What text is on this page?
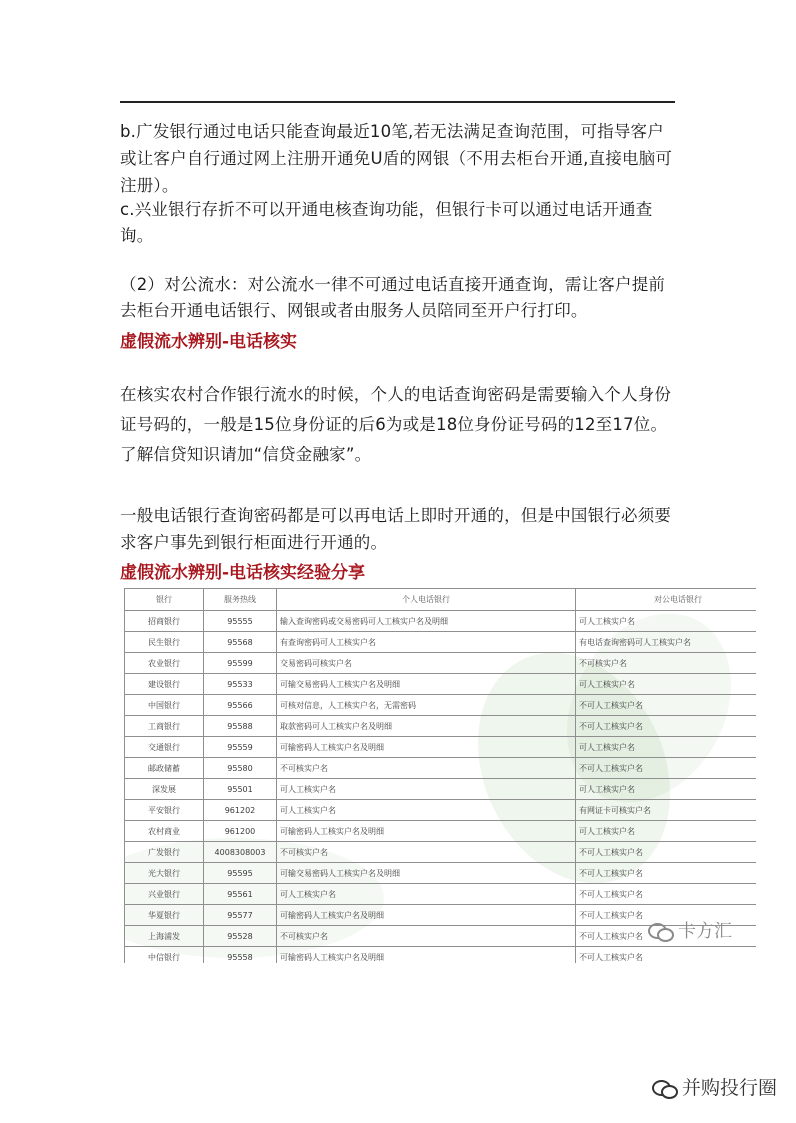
b.广发银行通过电话只能查询最近10笔,若无法满足查询范围，可指导客户或让客户自行通过网上注册开通免U盾的网银（不用去柜台开通,直接电脑可注册）。

c.兴业银行存折不可以开通电核查询功能，但银行卡可以通过电话开通查询。

（2）对公流水：对公流水一律不可通过电话直接开通查询，需让客户提前去柜台开通电话银行、网银或者由服务人员陪同至开户行打印。

虚假流水辨别-电话核实

在核实农村合作银行流水的时候，个人的电话查询密码是需要输入个人身份证号码的，一般是15位身份证的后6为或是18位身份证号码的12至17位。了解信贷知识请加“信贷金融家”。

一般电话银行查询密码都是可以再电话上即时开通的，但是中国银行必须要求客户事先到银行柜面进行开通的。

虚假流水辨别-电话核实经验分享
银行	服务热线	个人电话银行	对公电话银行
招商银行	95555	输入查询密码或交易密码可人工核实户名及明细	可人工核实户名
民生银行	95568	有查询密码可人工核实户名	有电话查询密码可人工核实户名
农业银行	95599	交易密码可核实户名	不可核实户名
建设银行	95533	可输交易密码人工核实户名及明细	可人工核实户名
中国银行	95566	可核对信息，人工核实户名，无需密码	不可人工核实户名
工商银行	95588	取款密码可人工核实户名及明细	不可人工核实户名
交通银行	95559	可输密码人工核实户名及明细	可人工核实户名
邮政储蓄	95580	不可核实户名	不可人工核实户名
深发展	95501	可人工核实户名	可人工核实户名
平安银行	961202	可人工核实户名	有网证卡可核实户名
农村商业	961200	可输密码人工核实户名及明细	可人工核实户名
广发银行	4008308003	不可核实户名	不可人工核实户名
光大银行	95595	可输交易密码人工核实户名及明细	不可人工核实户名
兴业银行	95561	可人工核实户名	不可人工核实户名
华夏银行	95577	可输密码人工核实户名及明细	不可人工核实户名
上海浦发	95528	不可核实户名	不可人工核实户名
中信银行	95558	可输密码人工核实户名及明细	不可人工核实户名
卡方汇
并购投行圈
